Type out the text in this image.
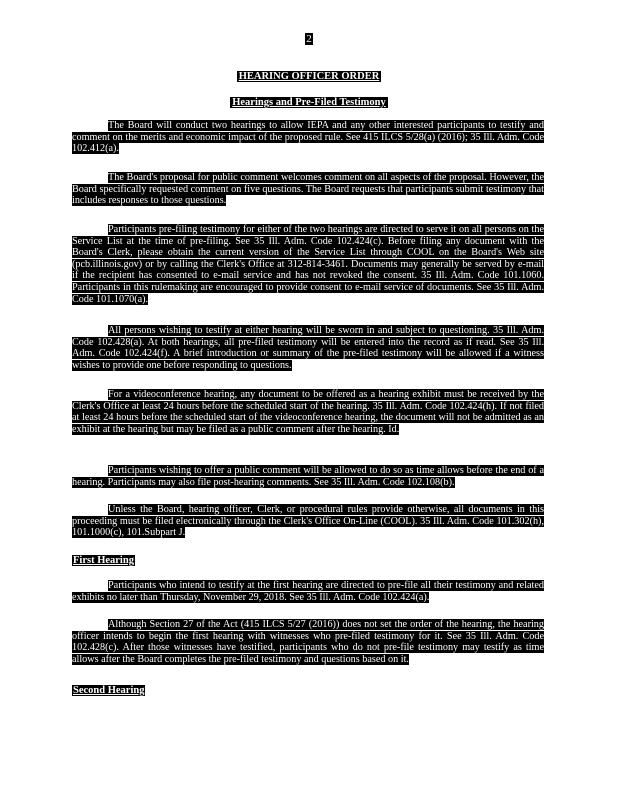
2
HEARING OFFICER ORDER
Hearings and Pre-Filed Testimony
The Board will conduct two hearings to allow IEPA and any other interested participants to testify and comment on the merits and economic impact of the proposed rule. See 415 ILCS 5/28(a) (2016); 35 Ill. Adm. Code 102.412(a).
The Board's proposal for public comment welcomes comment on all aspects of the proposal. However, the Board specifically requested comment on five questions. The Board requests that participants submit testimony that includes responses to those questions.
Participants pre-filing testimony for either of the two hearings are directed to serve it on all persons on the Service List at the time of pre-filing. See 35 Ill. Adm. Code 102.424(c). Before filing any document with the Board's Clerk, please obtain the current version of the Service List through COOL on the Board's Web site (pcb.illinois.gov) or by calling the Clerk's Office at 312-814-3461. Documents may generally be served by e-mail if the recipient has consented to e-mail service and has not revoked the consent. 35 Ill. Adm. Code 101.1060. Participants in this rulemaking are encouraged to provide consent to e-mail service of documents. See 35 Ill. Adm. Code 101.1070(a).
All persons wishing to testify at either hearing will be sworn in and subject to questioning. 35 Ill. Adm. Code 102.428(a). At both hearings, all pre-filed testimony will be entered into the record as if read. See 35 Ill. Adm. Code 102.424(f). A brief introduction or summary of the pre-filed testimony will be allowed if a witness wishes to provide one before responding to questions.
For a videoconference hearing, any document to be offered as a hearing exhibit must be received by the Clerk's Office at least 24 hours before the scheduled start of the hearing. 35 Ill. Adm. Code 102.424(h). If not filed at least 24 hours before the scheduled start of the videoconference hearing, the document will not be admitted as an exhibit at the hearing but may be filed as a public comment after the hearing. Id.
Participants wishing to offer a public comment will be allowed to do so as time allows before the end of a hearing. Participants may also file post-hearing comments. See 35 Ill. Adm. Code 102.108(b).
Unless the Board, hearing officer, Clerk, or procedural rules provide otherwise, all documents in this proceeding must be filed electronically through the Clerk's Office On-Line (COOL). 35 Ill. Adm. Code 101.302(h), 101.1000(c), 101.Subpart J.
First Hearing
Participants who intend to testify at the first hearing are directed to pre-file all their testimony and related exhibits no later than Thursday, November 29, 2018. See 35 Ill. Adm. Code 102.424(a).
Although Section 27 of the Act (415 ILCS 5/27 (2016)) does not set the order of the hearing, the hearing officer intends to begin the first hearing with witnesses who pre-filed testimony for it. See 35 Ill. Adm. Code 102.428(c). After those witnesses have testified, participants who do not pre-file testimony may testify as time allows after the Board completes the pre-filed testimony and questions based on it.
Second Hearing
